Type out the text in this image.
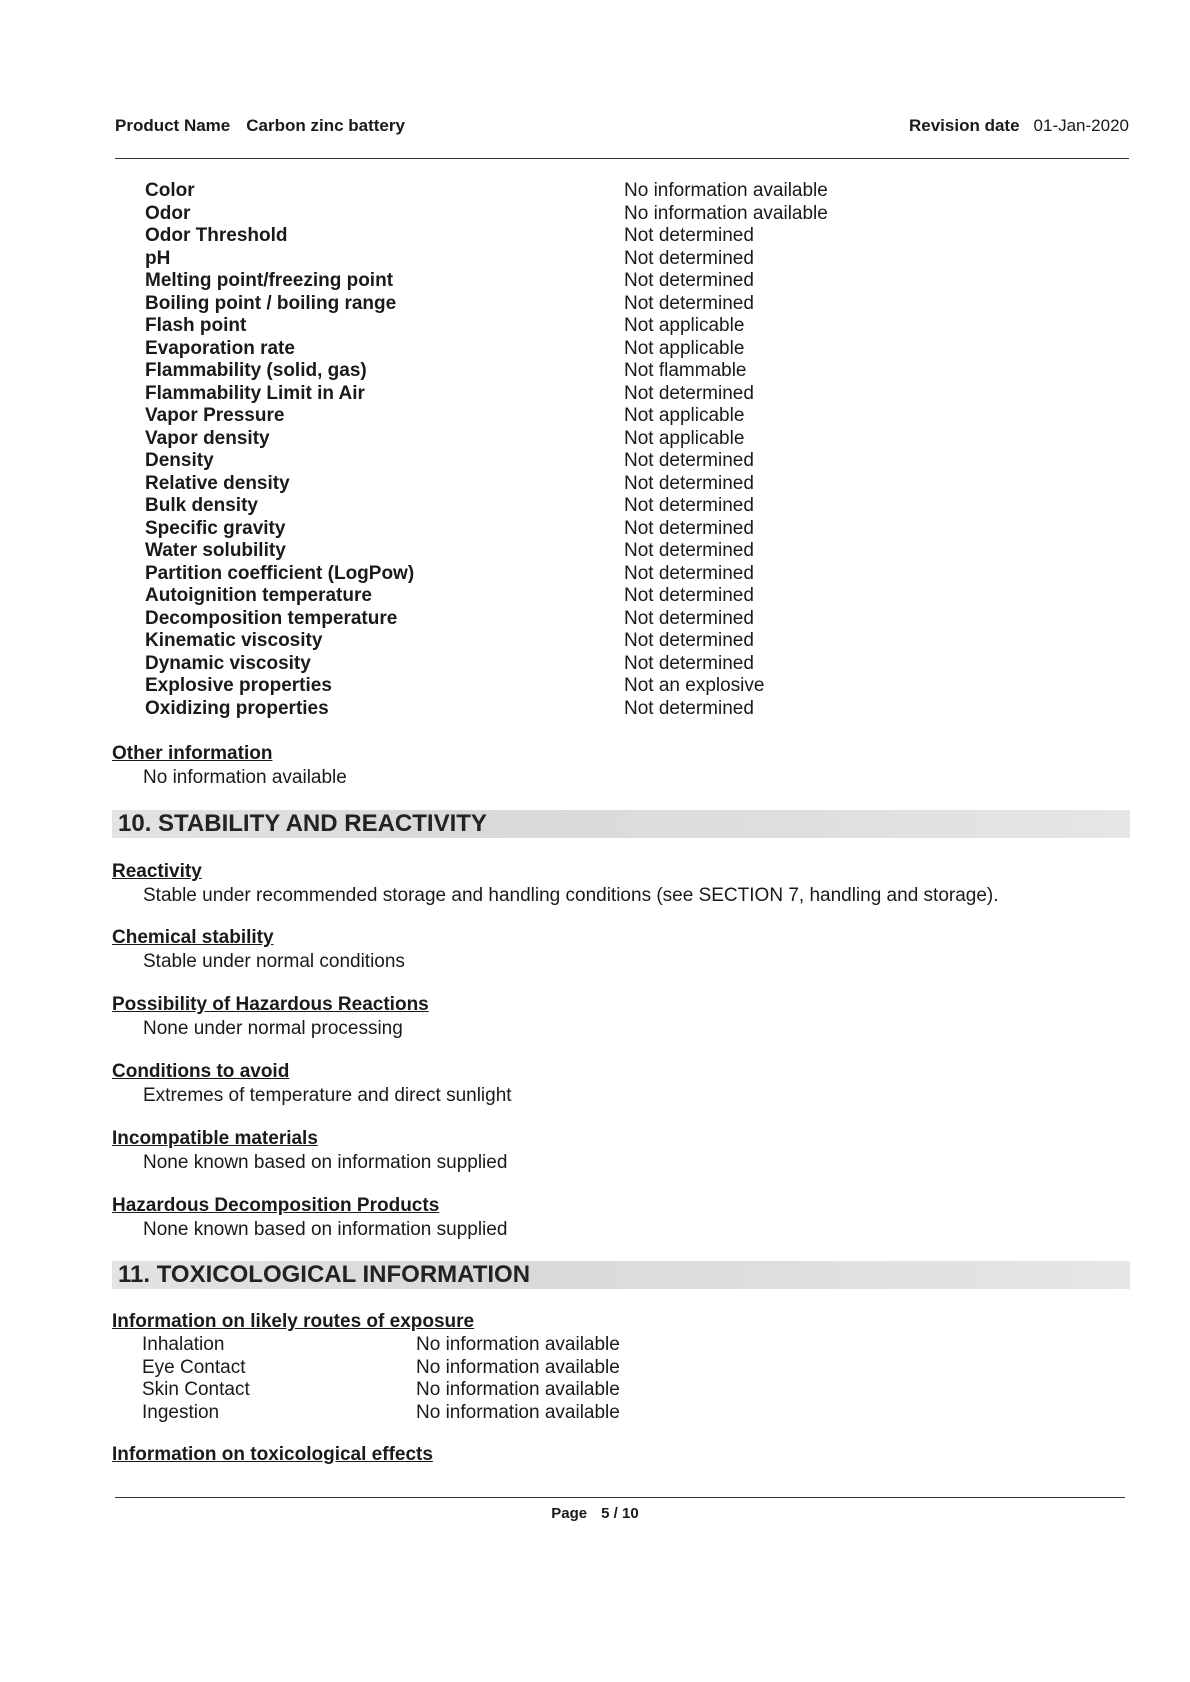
Product Name Carbon zinc battery	Revision date 01-Jan-2020
Color	No information available
Odor	No information available
Odor Threshold	Not determined
pH	Not determined
Melting point/freezing point	Not determined
Boiling point / boiling range	Not determined
Flash point	Not applicable
Evaporation rate	Not applicable
Flammability (solid, gas)	Not flammable
Flammability Limit in Air	Not determined
Vapor Pressure	Not applicable
Vapor density	Not applicable
Density	Not determined
Relative density	Not determined
Bulk density	Not determined
Specific gravity	Not determined
Water solubility	Not determined
Partition coefficient (LogPow)	Not determined
Autoignition temperature	Not determined
Decomposition temperature	Not determined
Kinematic viscosity	Not determined
Dynamic viscosity	Not determined
Explosive properties	Not an explosive
Oxidizing properties	Not determined
Other information
No information available
10. STABILITY AND REACTIVITY
Reactivity
Stable under recommended storage and handling conditions (see SECTION 7, handling and storage).
Chemical stability
Stable under normal conditions
Possibility of Hazardous Reactions
None under normal processing
Conditions to avoid
Extremes of temperature and direct sunlight
Incompatible materials
None known based on information supplied
Hazardous Decomposition Products
None known based on information supplied
11. TOXICOLOGICAL INFORMATION
Information on likely routes of exposure
Inhalation	No information available
Eye Contact	No information available
Skin Contact	No information available
Ingestion	No information available
Information on toxicological effects
Page 5 / 10
